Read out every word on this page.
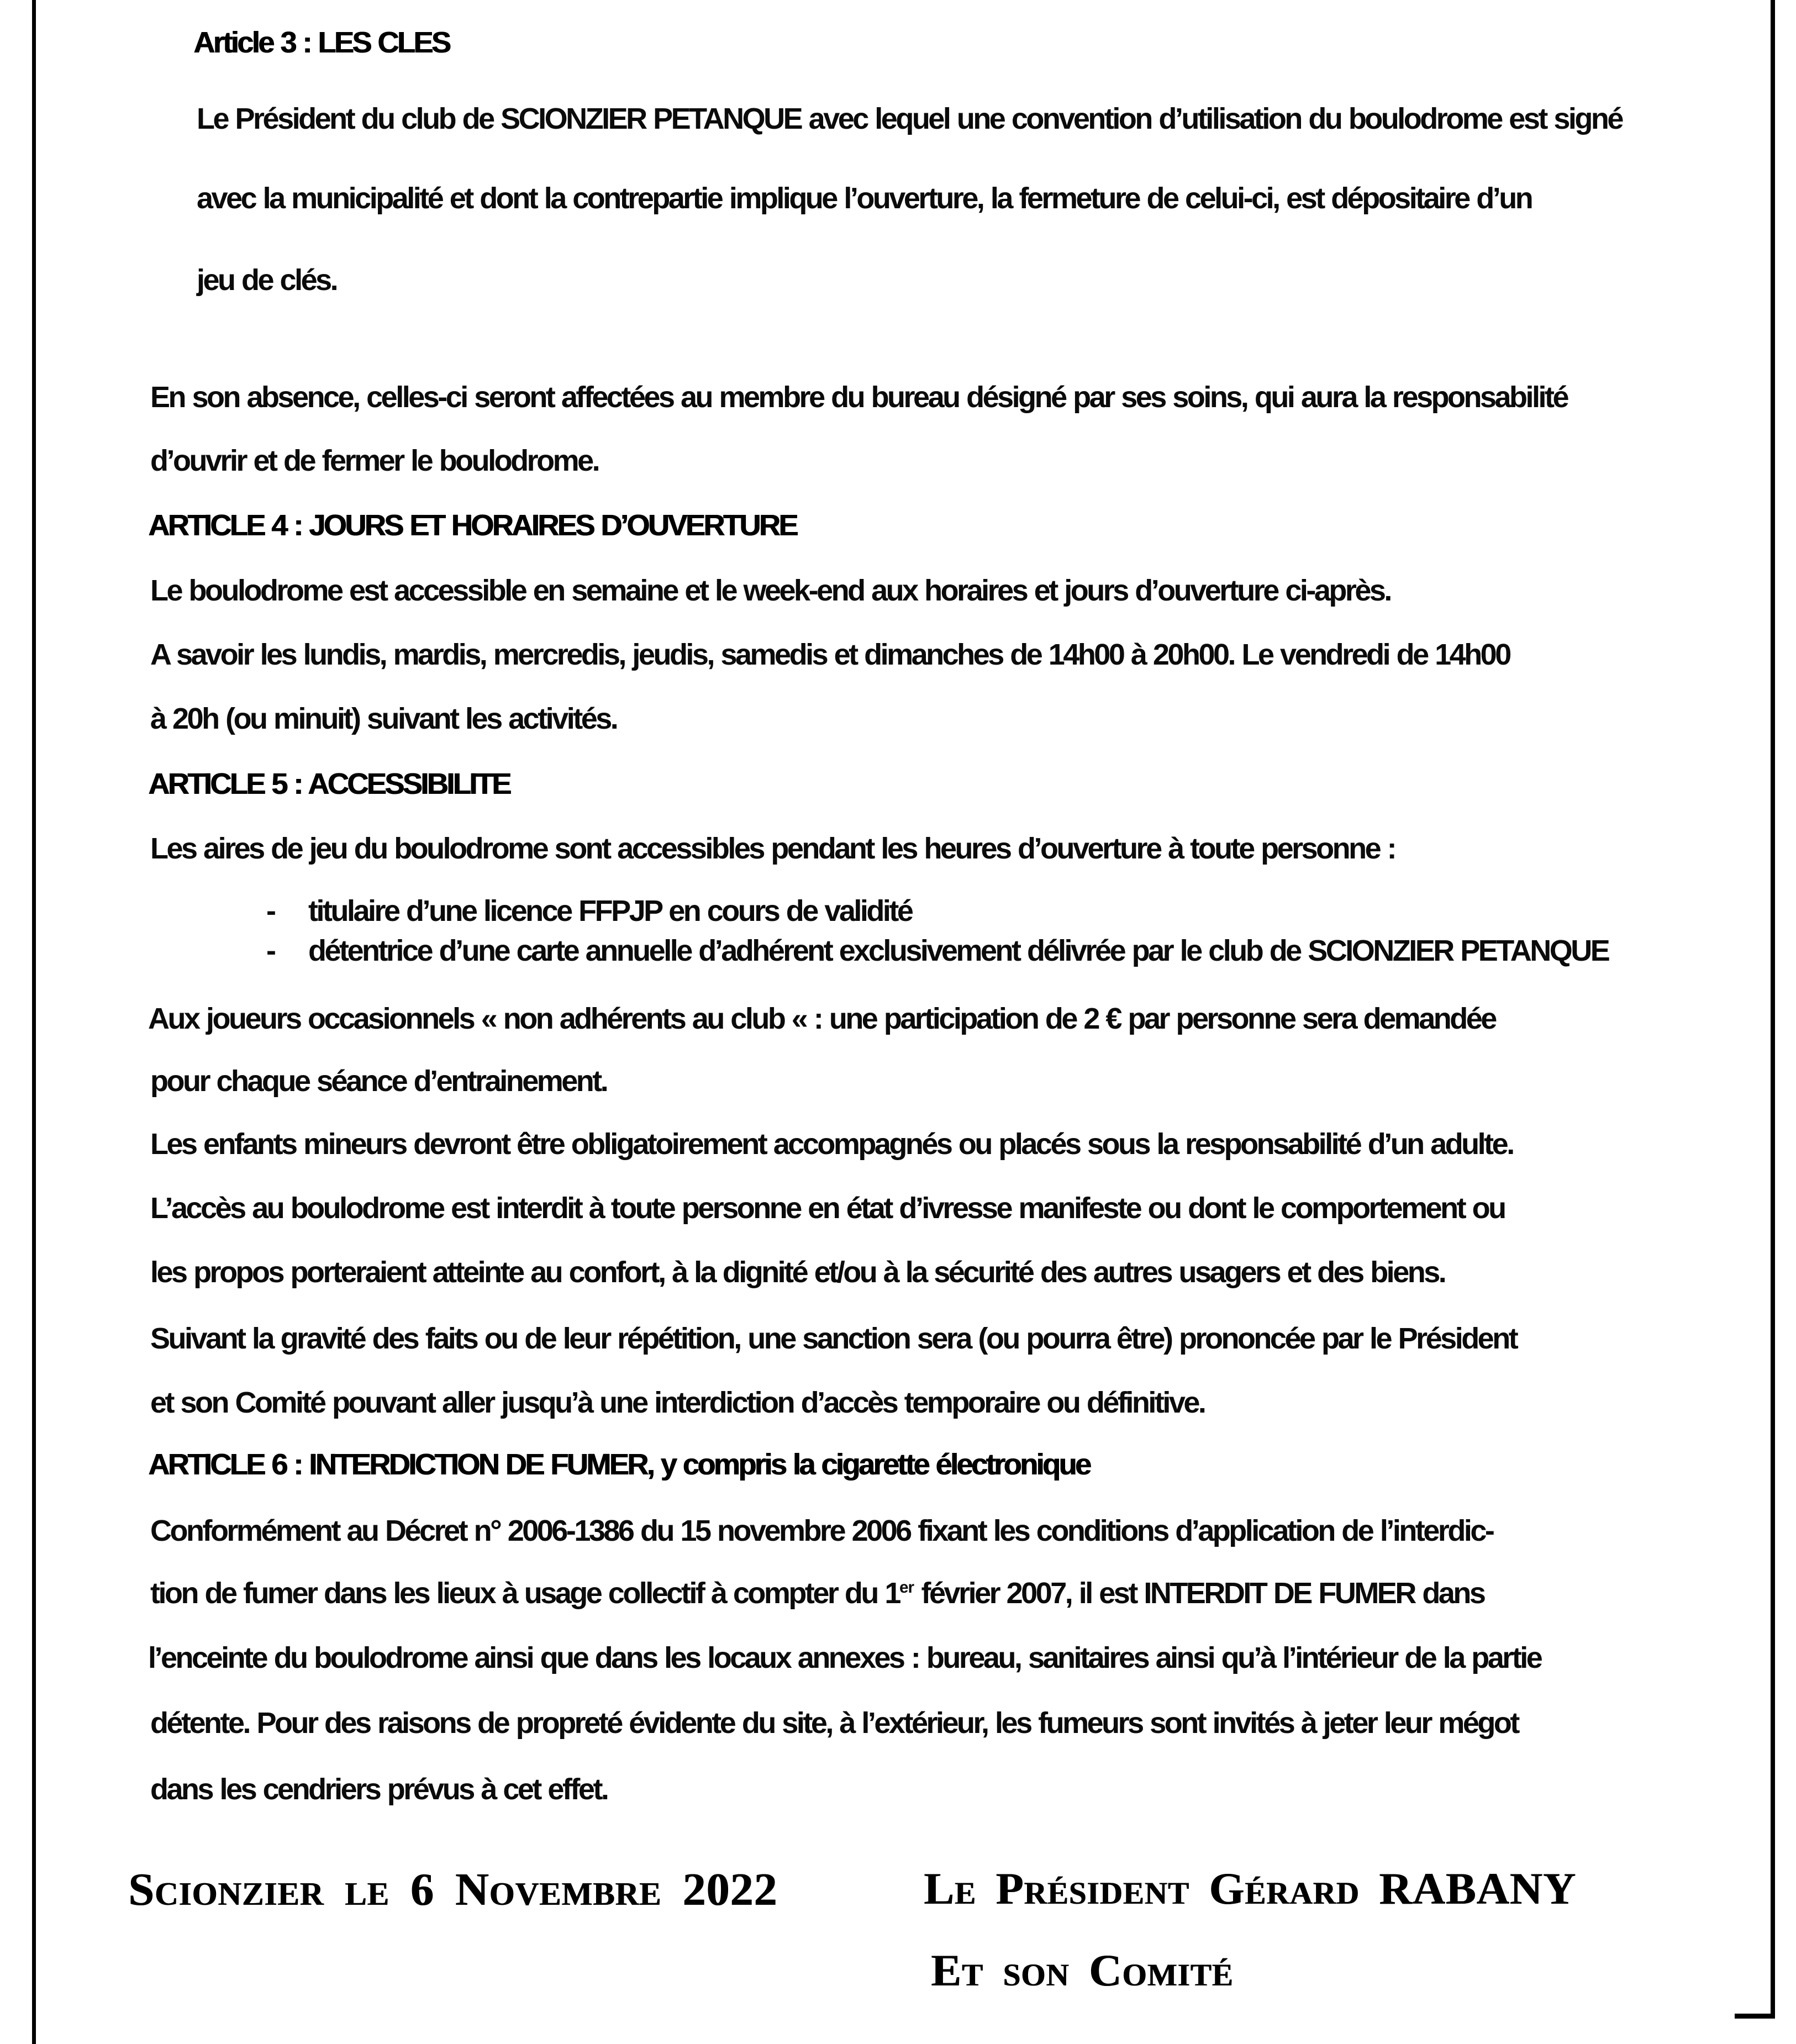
Article 3 : LES CLES
Le Président du club de SCIONZIER PETANQUE avec lequel une convention d’utilisation du boulodrome est signé
avec la municipalité et dont la contrepartie implique l’ouverture, la fermeture de celui-ci, est dépositaire d’un
jeu de clés.
En son absence, celles-ci seront affectées au membre du bureau désigné par ses soins, qui aura la responsabilité
d’ouvrir et de fermer le boulodrome.
ARTICLE 4 : JOURS ET HORAIRES D’OUVERTURE
Le boulodrome est accessible en semaine et le week-end aux horaires et jours d’ouverture ci-après.
A savoir les lundis, mardis, mercredis, jeudis, samedis et dimanches de 14h00 à 20h00. Le vendredi de 14h00
à 20h (ou minuit) suivant les activités.
ARTICLE 5 : ACCESSIBILITE
Les aires de jeu du boulodrome sont accessibles pendant les heures d’ouverture à toute personne :
- titulaire d’une licence FFPJP en cours de validité
- détentrice d’une carte annuelle d’adhérent exclusivement délivrée par le club de SCIONZIER PETANQUE
Aux joueurs occasionnels « non adhérents au club « : une participation de 2 € par personne sera demandée
pour chaque séance d’entrainement.
Les enfants mineurs devront être obligatoirement accompagnés ou placés sous la responsabilité d’un adulte.
L’accès au boulodrome est interdit à toute personne en état d’ivresse manifeste ou dont le comportement ou
les propos porteraient atteinte au confort, à la dignité et/ou à la sécurité des autres usagers et des biens.
Suivant la gravité des faits ou de leur répétition, une sanction sera (ou pourra être) prononcée par le Président
et son Comité pouvant aller jusqu’à une interdiction d’accès temporaire ou définitive.
ARTICLE 6 : INTERDICTION DE FUMER, y compris la cigarette électronique
Conformément au Décret n° 2006-1386 du 15 novembre 2006 fixant les conditions d’application de l’interdic-
tion de fumer dans les lieux à usage collectif à compter du 1er février 2007, il est INTERDIT DE FUMER dans
l’enceinte du boulodrome ainsi que dans les locaux annexes : bureau, sanitaires ainsi qu’à l’intérieur de la partie
détente. Pour des raisons de propreté évidente du site, à l’extérieur, les fumeurs sont invités à jeter leur mégot
dans les cendriers prévus à cet effet.
Scionzier le 6 Novembre 2022	Le Président Gérard RABANY
Et son Comité
